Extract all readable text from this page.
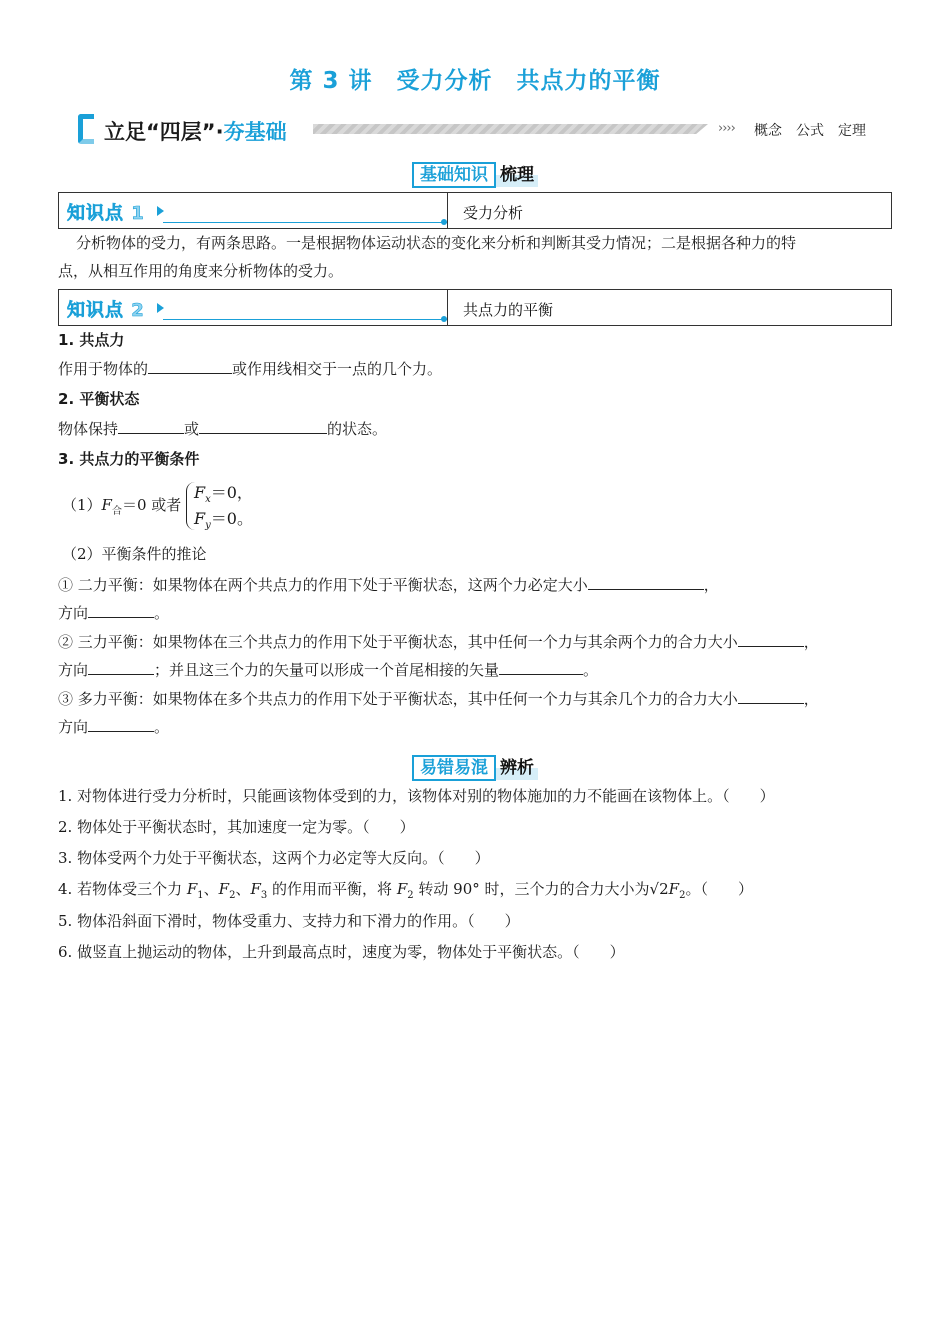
第 3 讲 受力分析 共点力的平衡
立足“四层”·夯基础	›››› 概念 公式 定理
基础知识 梳理
知识点 1	受力分析
分析物体的受力，有两条思路。一是根据物体运动状态的变化来分析和判断其受力情况；二是根据各种力的特
点，从相互作用的角度来分析物体的受力。
知识点 2	共点力的平衡
1. 共点力
作用于物体的	或作用线相交于一点的几个力。
2. 平衡状态
物体保持	或	的状态。
3. 共点力的平衡条件
$(1)F_合=0$ 或者
$F_x=0$，
$F_y=0$。
（2）平衡条件的推论
① 二力平衡：如果物体在两个共点力的作用下处于平衡状态，这两个力必定大小	，
方向	。
② 三力平衡：如果物体在三个共点力的作用下处于平衡状态，其中任何一个力与其余两个力的合力大小	，
方向	；并且这三个力的矢量可以形成一个首尾相接的矢量	。
③ 多力平衡：如果物体在多个共点力的作用下处于平衡状态，其中任何一个力与其余几个力的合力大小	，
方向	。
易错易混 辨析
1. 对物体进行受力分析时，只能画该物体受到的力，该物体对别的物体施加的力不能画在该物体上。（　　）
2. 物体处于平衡状态时，其加速度一定为零。（　　）
3. 物体受两个力处于平衡状态，这两个力必定等大反向。（　　）
4. 若物体受三个力 $F_1$、$F_2$、$F_3$ 的作用而平衡，将 $F_2$ 转动 90° 时，三个力的合力大小为$√2F_2$。（　　）
5. 物体沿斜面下滑时，物体受重力、支持力和下滑力的作用。（　　）
6. 做竖直上抛运动的物体，上升到最高点时，速度为零，物体处于平衡状态。（　　）
